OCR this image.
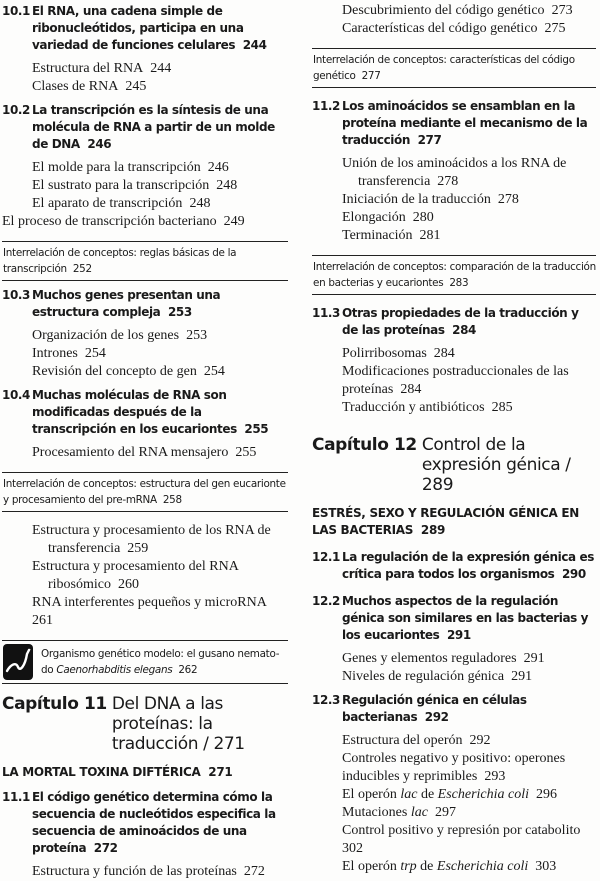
10.1 El RNA, una cadena simple de ribonucleótidos, participa en una variedad de funciones celulares 244
Estructura del RNA 244
Clases de RNA 245
10.2 La transcripción es la síntesis de una molécula de RNA a partir de un molde de DNA 246
El molde para la transcripción 246
El sustrato para la transcripción 248
El aparato de transcripción 248
El proceso de transcripción bacteriano 249
Interrelación de conceptos: reglas básicas de la transcripción 252
10.3 Muchos genes presentan una estructura compleja 253
Organización de los genes 253
Intrones 254
Revisión del concepto de gen 254
10.4 Muchas moléculas de RNA son modificadas después de la transcripción en los eucariontes 255
Procesamiento del RNA mensajero 255
Interrelación de conceptos: estructura del gen eucarionte y procesamiento del pre-mRNA 258
Estructura y procesamiento de los RNA de
transferencia 259
Estructura y procesamiento del RNA
ribosómico 260
RNA interferentes pequeños y microRNA  261
Organismo genético modelo: el gusano nemato-do Caenorhabditis elegans 262
Capítulo 11 Del DNA a las proteínas: la traducción / 271
LA MORTAL TOXINA DIFTÉRICA 271
11.1 El código genético determina cómo la secuencia de nucleótidos especifica la secuencia de aminoácidos de una proteína 272
Estructura y función de las proteínas 272
Descubrimiento del código genético 273
Características del código genético 275
Interrelación de conceptos: características del código genético 277
11.2 Los aminoácidos se ensamblan en la proteína mediante el mecanismo de la traducción 277
Unión de los aminoácidos a los RNA de
transferencia 278
Iniciación de la traducción 278
Elongación 280
Terminación 281
Interrelación de conceptos: comparación de la traducción en bacterias y eucariontes 283
11.3 Otras propiedades de la traducción y de las proteínas 284
Polirribosomas 284
Modificaciones postraduccionales de las
proteínas 284
Traducción y antibióticos 285
Capítulo 12 Control de la expresión génica / 289
ESTRÉS, SEXO Y REGULACIÓN GÉNICA EN LAS BACTERIAS 289
12.1 La regulación de la expresión génica es crítica para todos los organismos 290
12.2 Muchos aspectos de la regulación génica son similares en las bacterias y los eucariontes 291
Genes y elementos reguladores 291
Niveles de regulación génica 291
12.3 Regulación génica en células bacterianas 292
Estructura del operón 292
Controles negativo y positivo: operones
inducibles y reprimibles 293
El operón lac de Escherichia coli 296
Mutaciones lac 297
Control positivo y represión por catabolito  302
El operón trp de Escherichia coli 303
